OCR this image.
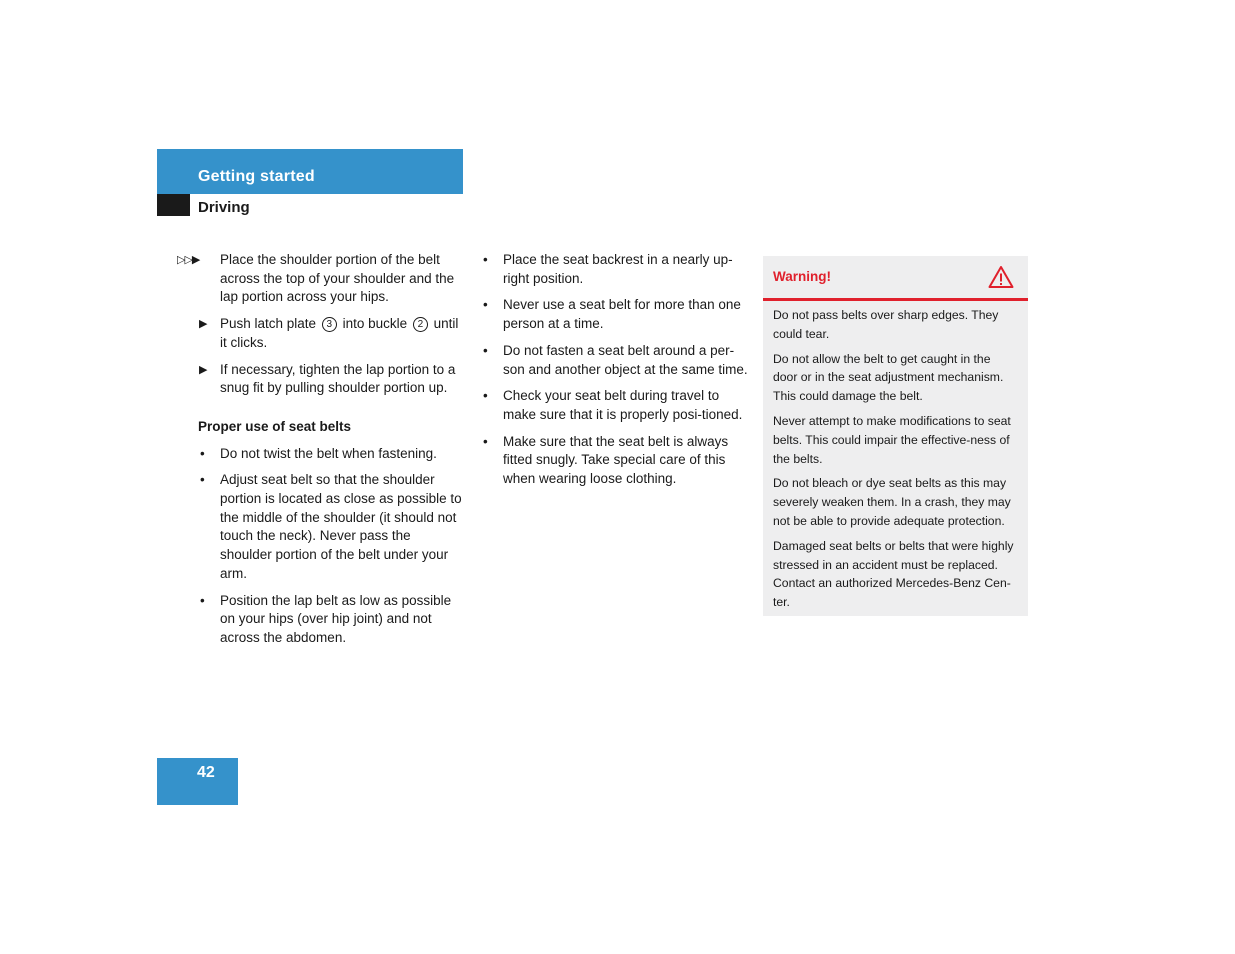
Getting started
Driving
▷▷▶ Place the shoulder portion of the belt across the top of your shoulder and the lap portion across your hips.
▶ Push latch plate 3 into buckle 2 until it clicks.
▶ If necessary, tighten the lap portion to a snug fit by pulling shoulder portion up.
Proper use of seat belts
• Do not twist the belt when fastening.
• Adjust seat belt so that the shoulder portion is located as close as possible to the middle of the shoulder (it should not touch the neck). Never pass the shoulder portion of the belt under your arm.
• Position the lap belt as low as possible on your hips (over hip joint) and not across the abdomen.
• Place the seat backrest in a nearly up-right position.
• Never use a seat belt for more than one person at a time.
• Do not fasten a seat belt around a per-son and another object at the same time.
• Check your seat belt during travel to make sure that it is properly posi-tioned.
• Make sure that the seat belt is always fitted snugly. Take special care of this when wearing loose clothing.
Warning!

Do not pass belts over sharp edges. They could tear.

Do not allow the belt to get caught in the door or in the seat adjustment mechanism. This could damage the belt.

Never attempt to make modifications to seat belts. This could impair the effective-ness of the belts.

Do not bleach or dye seat belts as this may severely weaken them. In a crash, they may not be able to provide adequate protection.

Damaged seat belts or belts that were highly stressed in an accident must be replaced. Contact an authorized Mercedes-Benz Cen-ter.

42
